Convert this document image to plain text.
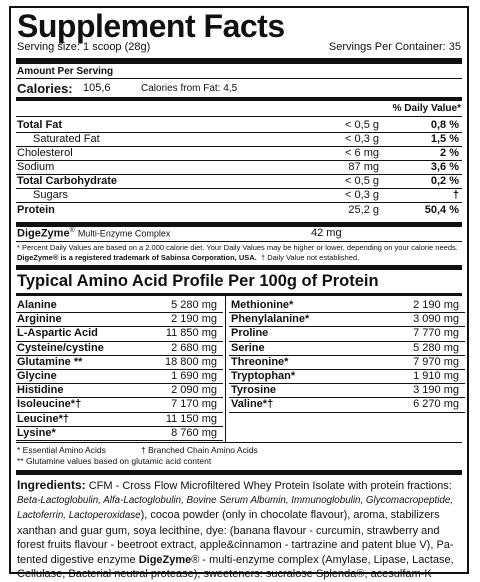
Supplement Facts
Serving size: 1 scoop (28g)	Servings Per Container: 35
Amount Per Serving
Calories: 105,6	Calories from Fat: 4,5
% Daily Value*
Total Fat	< 0,5 g	0,8 %
Saturated Fat	< 0,3 g	1,5 %
Cholesterol	< 6 mg	2 %
Sodium	87 mg	3,6 %
Total Carbohydrate	< 0,5 g	0,2 %
Sugars	< 0,3 g	†
Protein	25,2 g	50,4 %
DigeZyme® Multi-Enzyme Complex	42 mg
* Percent Daily Values are based on a 2.000 calorie diet. Your Daily Values may be higher or lower, depending on your calorie needs.
DigeZyme® is a registered trademark of Sabinsa Corporation, USA. † Daily Value not established.
Typical Amino Acid Profile Per 100g of Protein
Alanine	5 280 mg
Arginine	2 190 mg
L-Aspartic Acid	11 850 mg
Cysteine/cystine	2 680 mg
Glutamine **	18 800 mg
Glycine	1 690 mg
Histidine	2 090 mg
Isoleucine*†	7 170 mg
Leucine*†	11 150 mg
Lysine*	8 760 mg
Methionine*	2 190 mg
Phenylalanine*	3 090 mg
Proline	7 770 mg
Serine	5 280 mg
Threonine*	7 970 mg
Tryptophan*	1 910 mg
Tyrosine	3 190 mg
Valine*†	6 270 mg
* Essential Amino Acids	† Branched Chain Amino Acids
** Glutamine values based on glutamic acid content
Ingredients: CFM - Cross Flow Microfiltered Whey Protein Isolate with protein fractions:
Beta-Lactoglobulin, Alfa-Lactoglobulin, Bovine Serum Albumin, Immunoglobulin, Glycomacropeptide,
Lactoferrin, Lactoperoxidase), cocoa powder (only in chocolate flavour), aroma, stabilizers
xanthan and guar gum, soya lecithine, dye: (banana flavour - curcumin, strawberry and
forest fruits flavour - beetroot extract, apple&cinnamon - tartrazine and patent blue V), Pa-
tented digestive enzyme DigeZyme® - multi-enzyme complex (Amylase, Lipase, Lactase,
Cellulase, Bacterial neutral protease), sweeteners: sucralose Splenda®, acesulfam-K
